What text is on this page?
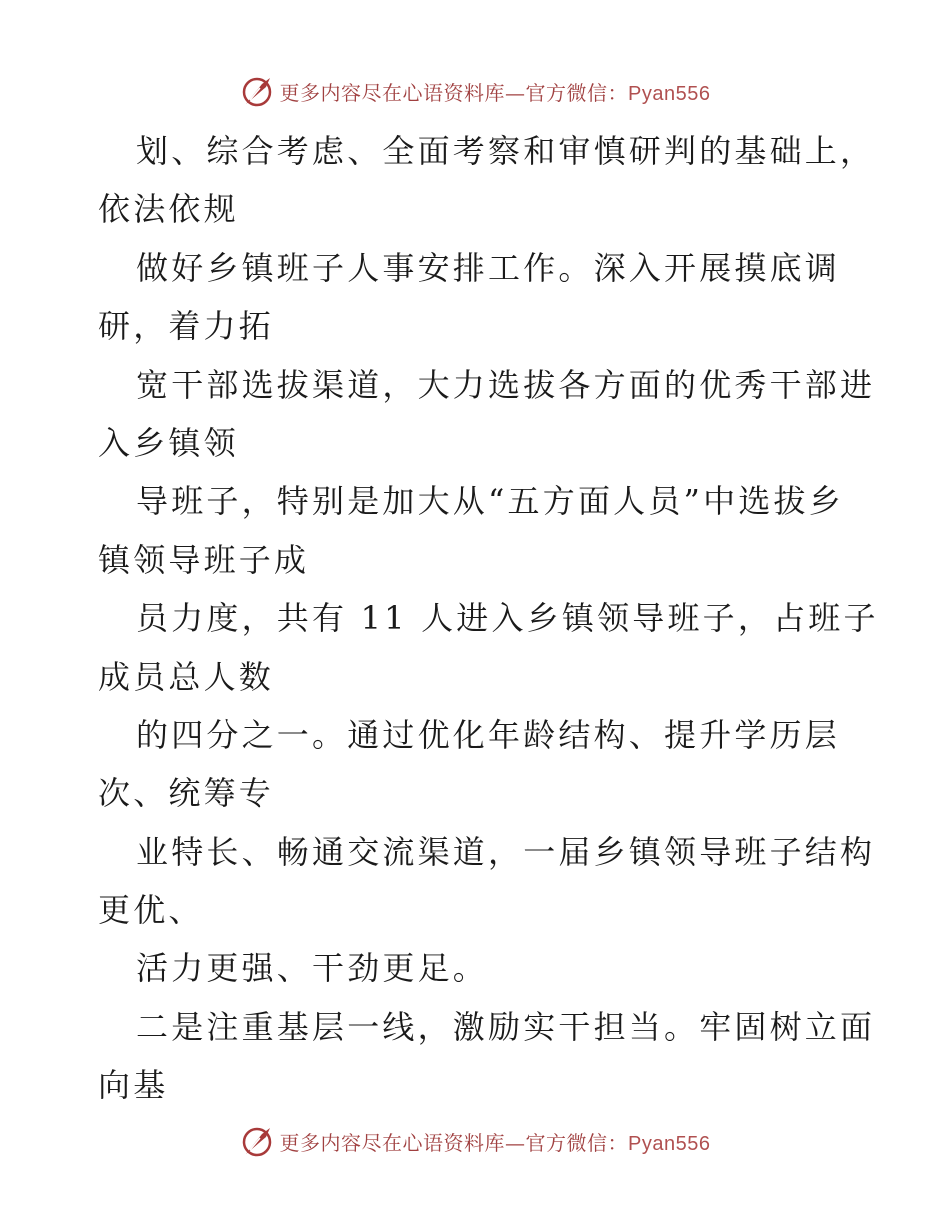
更多内容尽在心语资料库—官方微信：Pyan556
划、综合考虑、全面考察和审慎研判的基础上，
依法依规
做好乡镇班子人事安排工作。深入开展摸底调
研，着力拓
宽干部选拔渠道，大力选拔各方面的优秀干部进
入乡镇领
导班子，特别是加大从“五方面人员”中选拔乡
镇领导班子成
员力度，共有 11 人进入乡镇领导班子，占班子
成员总人数
的四分之一。通过优化年龄结构、提升学历层
次、统筹专
业特长、畅通交流渠道，一届乡镇领导班子结构
更优、
活力更强、干劲更足。
二是注重基层一线，激励实干担当。牢固树立面
向基
更多内容尽在心语资料库—官方微信：Pyan556
